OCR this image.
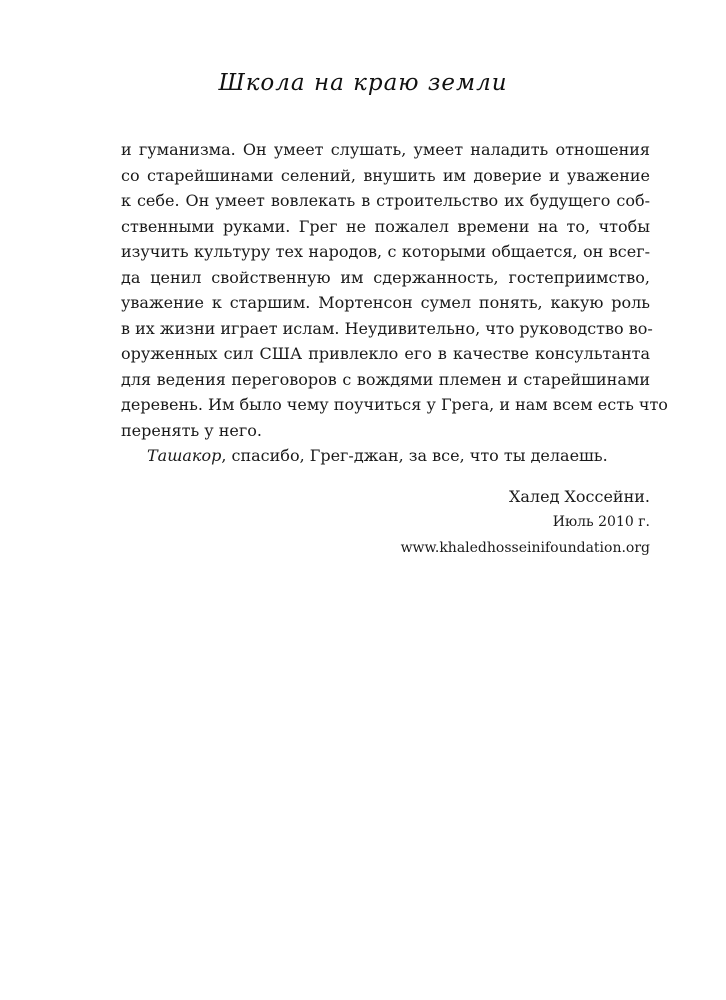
Школа на краю земли

и гуманизма. Он умеет слушать, умеет наладить отношения
со старейшинами селений, внушить им доверие и уважение
к себе. Он умеет вовлекать в строительство их будущего соб-
ственными руками. Грег не пожалел времени на то, чтобы
изучить культуру тех народов, с которыми общается, он всег-
да ценил свойственную им сдержанность, гостеприимство,
уважение к старшим. Мортенсон сумел понять, какую роль
в их жизни играет ислам. Неудивительно, что руководство во-
оруженных сил США привлекло его в качестве консультанта
для ведения переговоров с вождями племен и старейшинами
деревень. Им было чему поучиться у Грега, и нам всем есть что
перенять у него.

Ташакор, спасибо, Грег-джан, за все, что ты делаешь.

Халед Хоссейни.
Июль 2010 г.
www.khaledhosseinifoundation.org
